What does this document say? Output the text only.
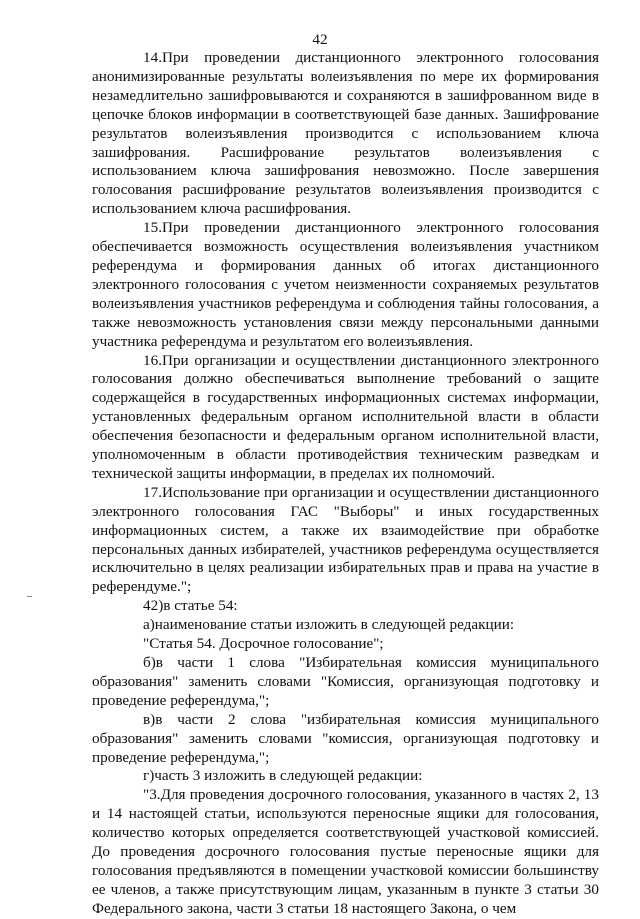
42

14.При проведении дистанционного электронного голосования анонимизированные результаты волеизъявления по мере их формирования незамедлительно зашифровываются и сохраняются в зашифрованном виде в цепочке блоков информации в соответствующей базе данных. Зашифрование результатов волеизъявления производится с использованием ключа зашифрования. Расшифрование результатов волеизъявления с использованием ключа зашифрования невозможно. После завершения голосования расшифрование результатов волеизъявления производится с использованием ключа расшифрования.

15.При проведении дистанционного электронного голосования обеспечивается возможность осуществления волеизъявления участником референдума и формирования данных об итогах дистанционного электронного голосования с учетом неизменности сохраняемых результатов волеизъявления участников референдума и соблюдения тайны голосования, а также невозможность установления связи между персональными данными участника референдума и результатом его волеизъявления.

16.При организации и осуществлении дистанционного электронного голосования должно обеспечиваться выполнение требований о защите содержащейся в государственных информационных системах информации, установленных федеральным органом исполнительной власти в области обеспечения безопасности и федеральным органом исполнительной власти, уполномоченным в области противодействия техническим разведкам и технической защиты информации, в пределах их полномочий.

17.Использование при организации и осуществлении дистанционного электронного голосования ГАС "Выборы" и иных государственных информационных систем, а также их взаимодействие при обработке персональных данных избирателей, участников референдума осуществляется исключительно в целях реализации избирательных прав и права на участие в референдуме.";

42)в статье 54:

а)наименование статьи изложить в следующей редакции:

"Статья 54. Досрочное голосование";

б)в части 1 слова "Избирательная комиссия муниципального образования" заменить словами "Комиссия, организующая подготовку и проведение референдума,";

в)в части 2 слова "избирательная комиссия муниципального образования" заменить словами "комиссия, организующая подготовку и проведение референдума,";

г)часть 3 изложить в следующей редакции:

"3.Для проведения досрочного голосования, указанного в частях 2, 13 и 14 настоящей статьи, используются переносные ящики для голосования, количество которых определяется соответствующей участковой комиссией. До проведения досрочного голосования пустые переносные ящики для голосования предъявляются в помещении участковой комиссии большинству ее членов, а также присутствующим лицам, указанным в пункте 3 статьи 30 Федерального закона, части 3 статьи 18 настоящего Закона, о чем
